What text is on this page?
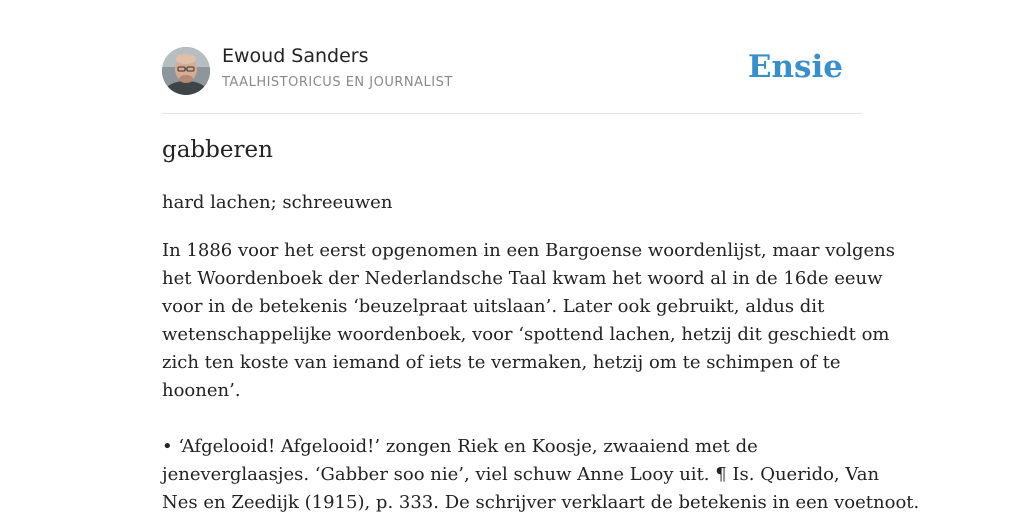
Ewoud Sanders
TAALHISTORICUS EN JOURNALIST	Ensie
gabberen

hard lachen; schreeuwen

In 1886 voor het eerst opgenomen in een Bargoense woordenlijst, maar volgens
het Woordenboek der Nederlandsche Taal kwam het woord al in de 16de eeuw
voor in de betekenis ‘beuzelpraat uitslaan’. Later ook gebruikt, aldus dit
wetenschappelijke woordenboek, voor ‘spottend lachen, hetzij dit geschiedt om
zich ten koste van iemand of iets te vermaken, hetzij om te schimpen of te
hoonen’.
• ‘Afgelooid! Afgelooid!’ zongen Riek en Koosje, zwaaiend met de
jeneverglaasjes. ‘Gabber soo nie’, viel schuw Anne Looy uit. ¶ Is. Querido, Van
Nes en Zeedijk (1915), p. 333. De schrijver verklaart de betekenis in een voetnoot.
